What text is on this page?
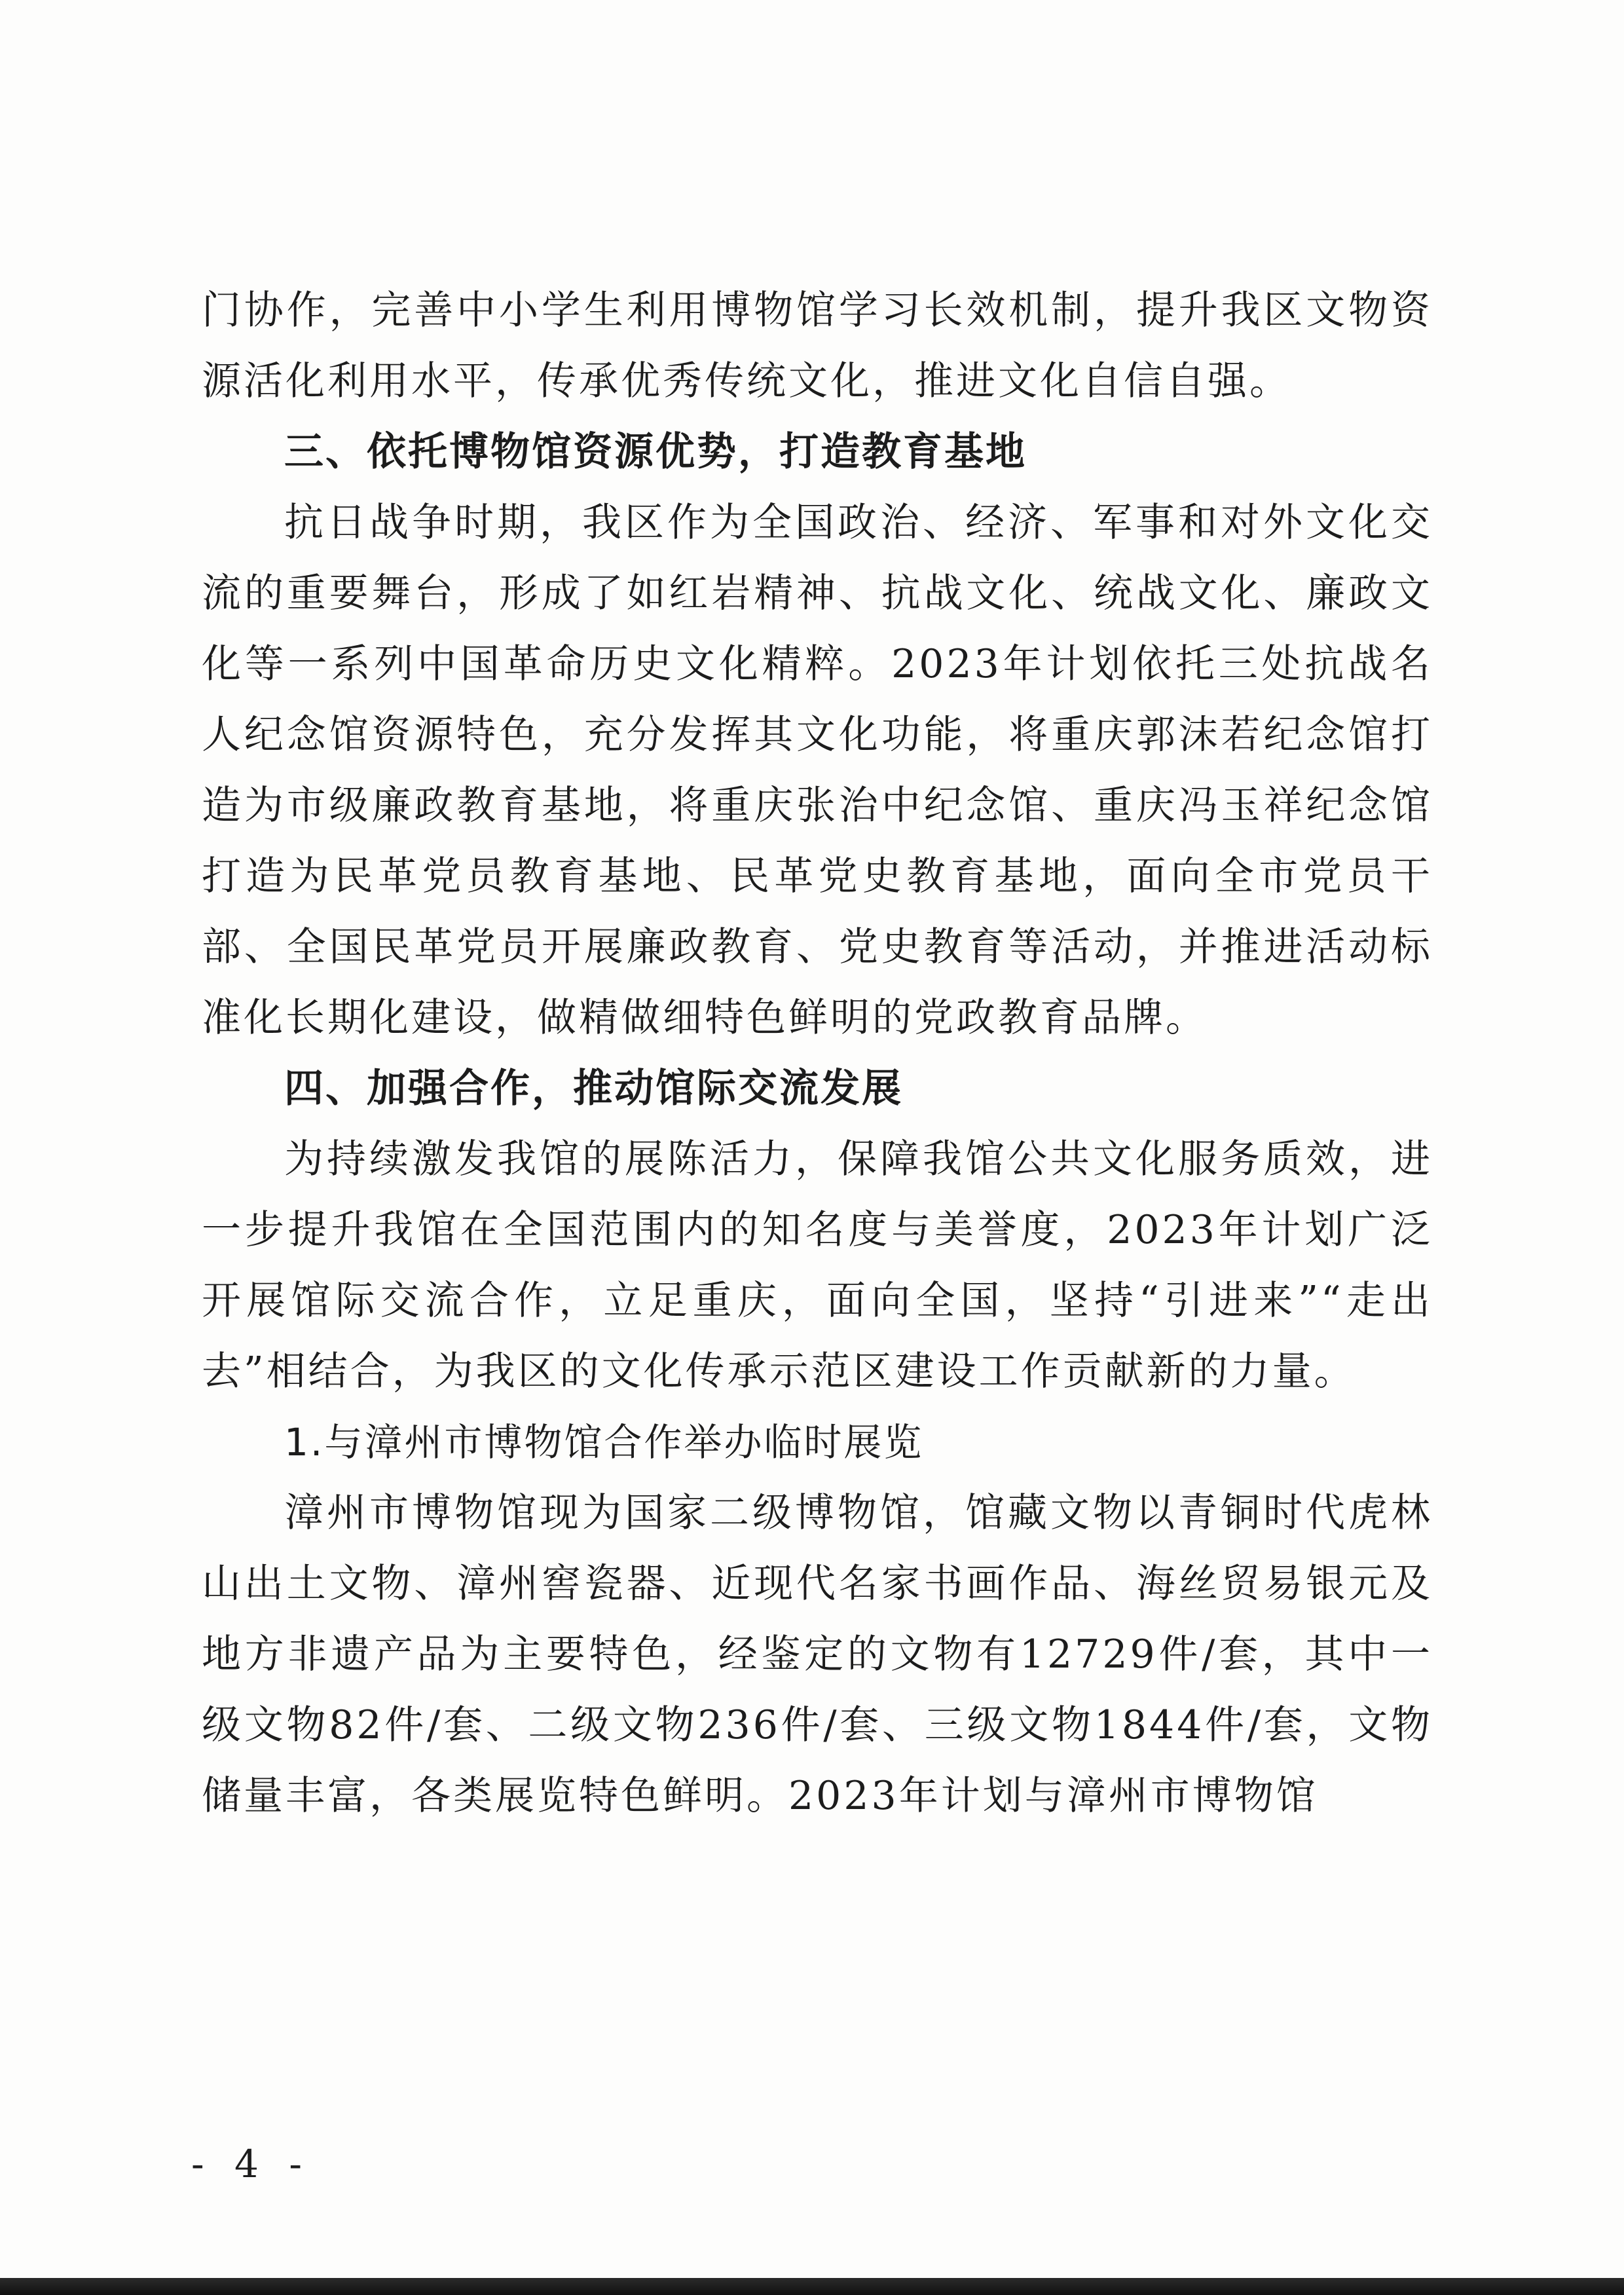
门协作，完善中小学生利用博物馆学习长效机制，提升我区文物资源活化利用水平，传承优秀传统文化，推进文化自信自强。

三、依托博物馆资源优势，打造教育基地

抗日战争时期，我区作为全国政治、经济、军事和对外文化交流的重要舞台，形成了如红岩精神、抗战文化、统战文化、廉政文化等一系列中国革命历史文化精粹。2023年计划依托三处抗战名人纪念馆资源特色，充分发挥其文化功能，将重庆郭沫若纪念馆打造为市级廉政教育基地，将重庆张治中纪念馆、重庆冯玉祥纪念馆打造为民革党员教育基地、民革党史教育基地，面向全市党员干部、全国民革党员开展廉政教育、党史教育等活动，并推进活动标准化长期化建设，做精做细特色鲜明的党政教育品牌。

四、加强合作，推动馆际交流发展

为持续激发我馆的展陈活力，保障我馆公共文化服务质效，进一步提升我馆在全国范围内的知名度与美誉度，2023年计划广泛开展馆际交流合作，立足重庆，面向全国，坚持“引进来”“走出去”相结合，为我区的文化传承示范区建设工作贡献新的力量。

1.与漳州市博物馆合作举办临时展览

漳州市博物馆现为国家二级博物馆，馆藏文物以青铜时代虎林山出土文物、漳州窖瓷器、近现代名家书画作品、海丝贸易银元及地方非遗产品为主要特色，经鉴定的文物有12729件/套，其中一级文物82件/套、二级文物236件/套、三级文物1844件/套，文物储量丰富，各类展览特色鲜明。2023年计划与漳州市博物馆

- 4 -
